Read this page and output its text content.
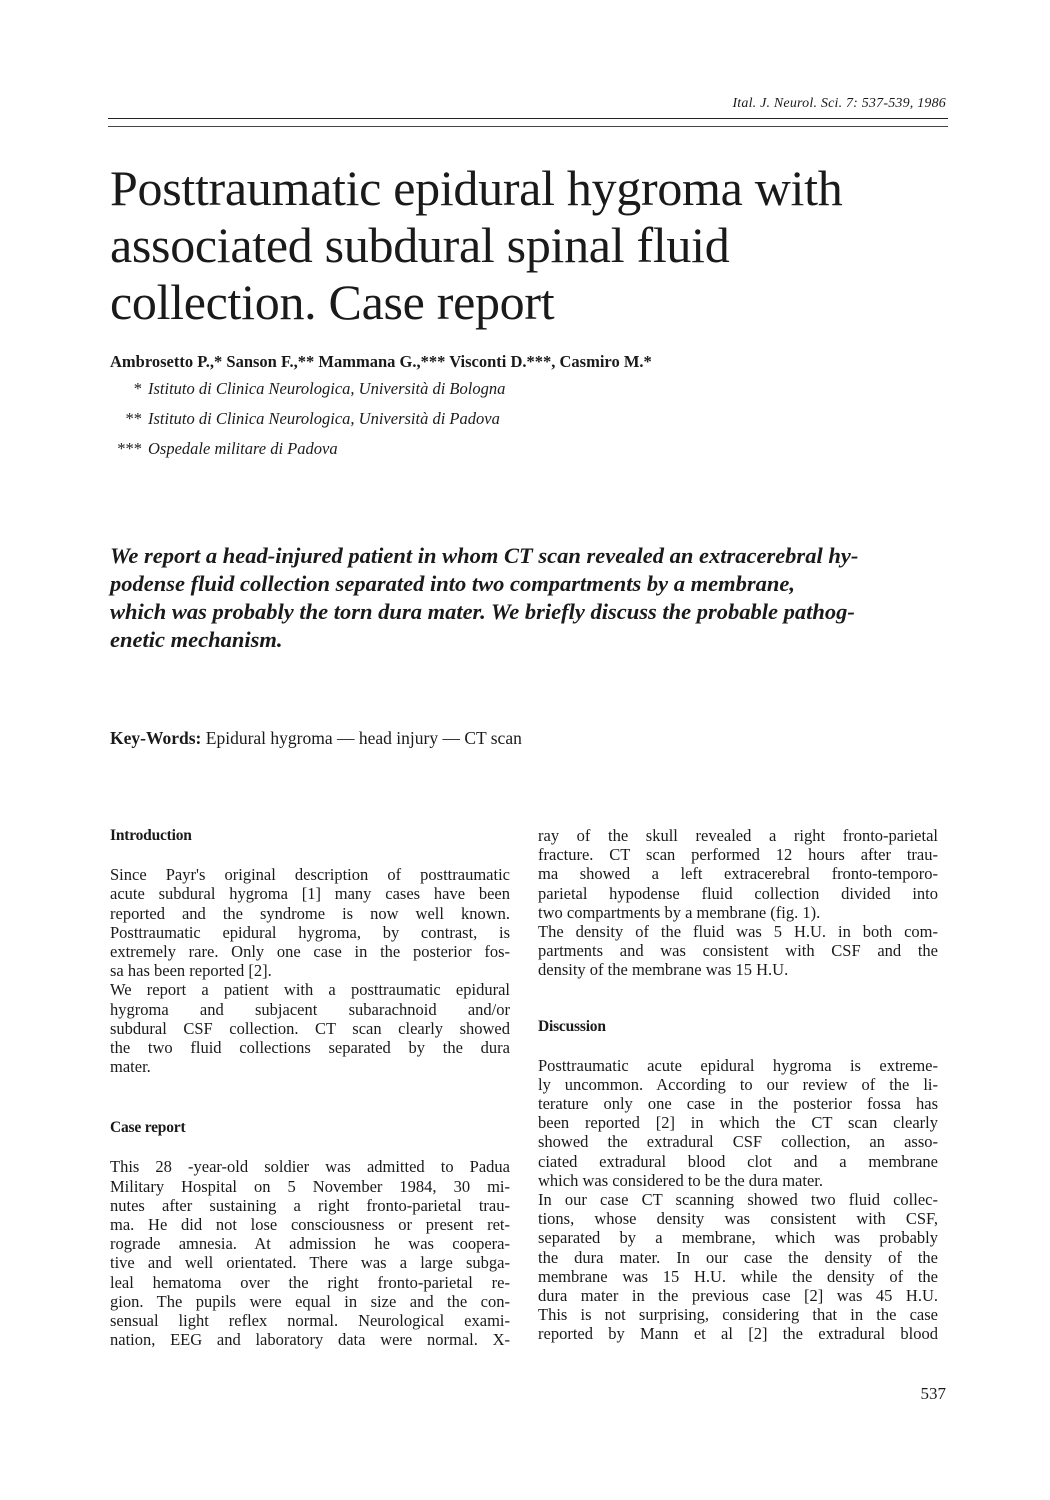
Ital. J. Neurol. Sci. 7: 537-539, 1986
Posttraumatic epidural hygroma with
associated subdural spinal fluid
collection. Case report
Ambrosetto P.,* Sanson F.,** Mammana G.,*** Visconti D.***, Casmiro M.*
* Istituto di Clinica Neurologica, Università di Bologna
** Istituto di Clinica Neurologica, Università di Padova
*** Ospedale militare di Padova
We report a head-injured patient in whom CT scan revealed an extracerebral hy-
podense fluid collection separated into two compartments by a membrane,
which was probably the torn dura mater. We briefly discuss the probable pathog-
enetic mechanism.
Key-Words: Epidural hygroma — head injury — CT scan
Introduction
Since Payr's original description of posttraumatic
acute subdural hygroma [1] many cases have been
reported and the syndrome is now well known.
Posttraumatic epidural hygroma, by contrast, is
extremely rare. Only one case in the posterior fos-
sa has been reported [2].
We report a patient with a posttraumatic epidural
hygroma and subjacent subarachnoid and/or
subdural CSF collection. CT scan clearly showed
the two fluid collections separated by the dura
mater.
Case report
This 28 -year-old soldier was admitted to Padua
Military Hospital on 5 November 1984, 30 mi-
nutes after sustaining a right fronto-parietal trau-
ma. He did not lose consciousness or present ret-
rograde amnesia. At admission he was coopera-
tive and well orientated. There was a large subga-
leal hematoma over the right fronto-parietal re-
gion. The pupils were equal in size and the con-
sensual light reflex normal. Neurological exami-
nation, EEG and laboratory data were normal. X-
ray of the skull revealed a right fronto-parietal
fracture. CT scan performed 12 hours after trau-
ma showed a left extracerebral fronto-temporo-
parietal hypodense fluid collection divided into
two compartments by a membrane (fig. 1).
The density of the fluid was 5 H.U. in both com-
partments and was consistent with CSF and the
density of the membrane was 15 H.U.
Discussion
Posttraumatic acute epidural hygroma is extreme-
ly uncommon. According to our review of the li-
terature only one case in the posterior fossa has
been reported [2] in which the CT scan clearly
showed the extradural CSF collection, an asso-
ciated extradural blood clot and a membrane
which was considered to be the dura mater.
In our case CT scanning showed two fluid collec-
tions, whose density was consistent with CSF,
separated by a membrane, which was probably
the dura mater. In our case the density of the
membrane was 15 H.U. while the density of the
dura mater in the previous case [2] was 45 H.U.
This is not surprising, considering that in the case
reported by Mann et al [2] the extradural blood
537
